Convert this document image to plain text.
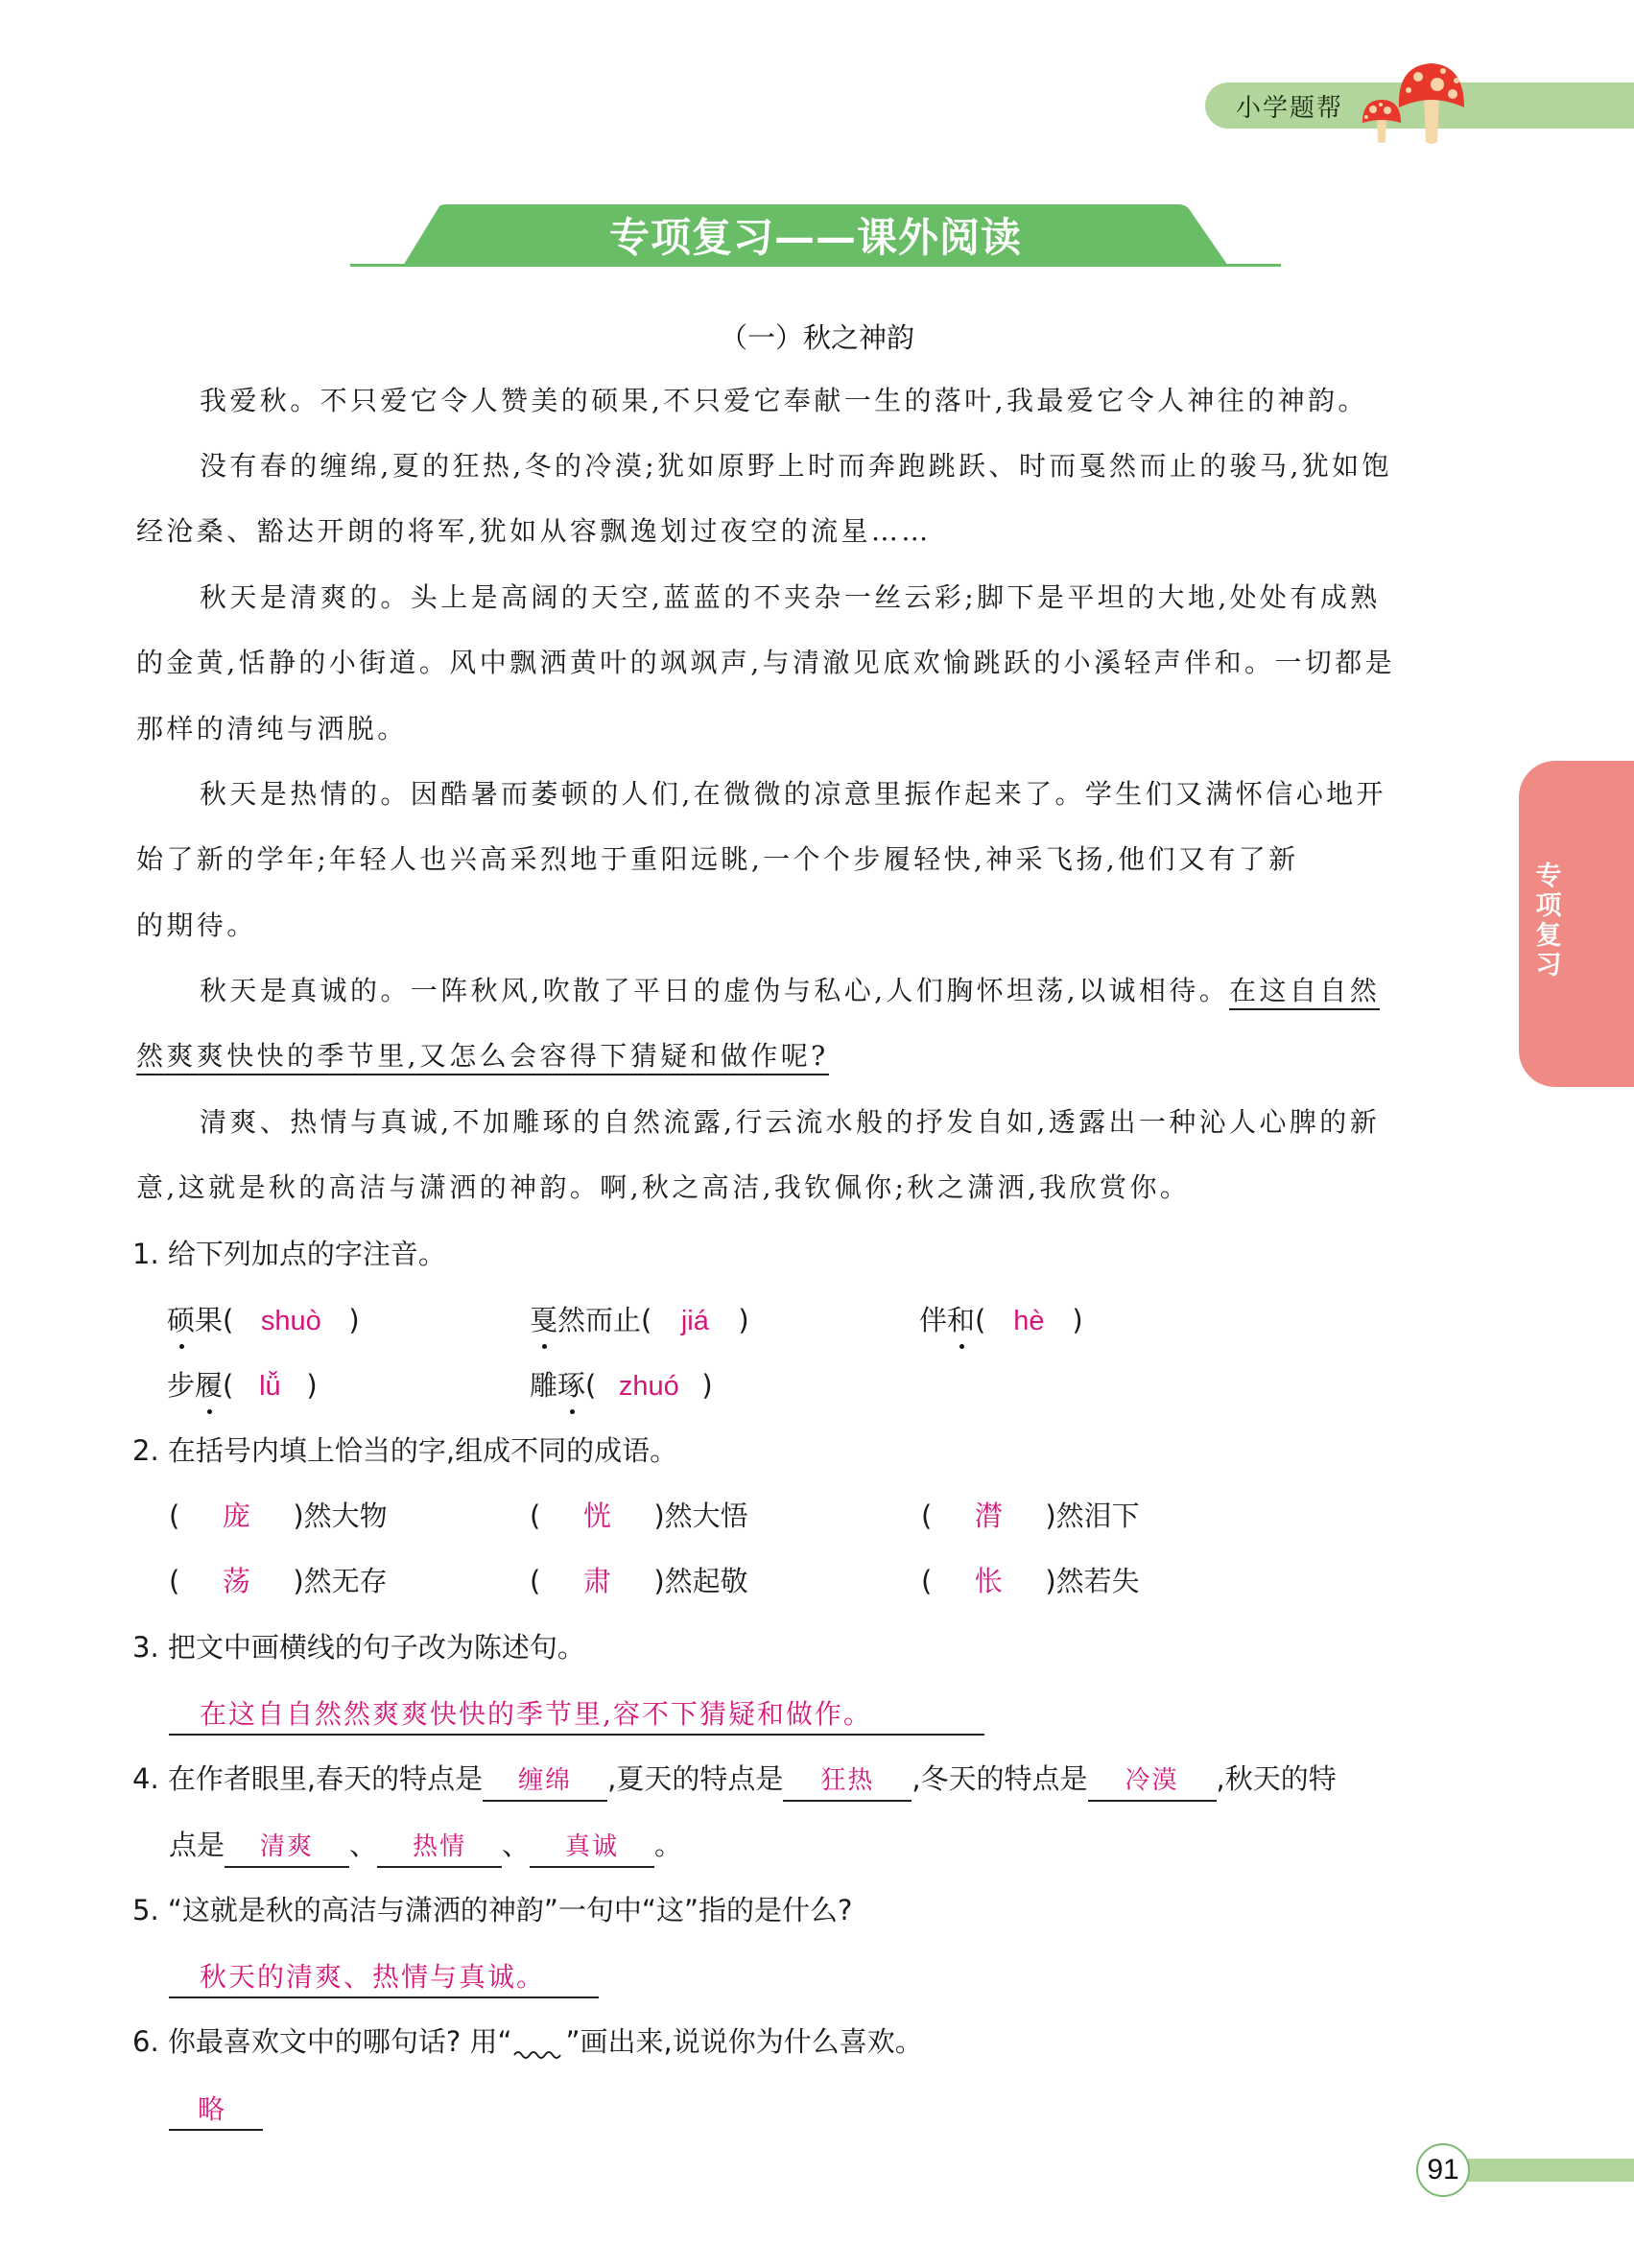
小学题帮
专项复习——课外阅读
（一）秋之神韵
我爱秋。不只爱它令人赞美的硕果,不只爱它奉献一生的落叶,我最爱它令人神往的神韵。
没有春的缠绵,夏的狂热,冬的冷漠;犹如原野上时而奔跑跳跃、时而戛然而止的骏马,犹如饱
经沧桑、豁达开朗的将军,犹如从容飘逸划过夜空的流星……
秋天是清爽的。头上是高阔的天空,蓝蓝的不夹杂一丝云彩;脚下是平坦的大地,处处有成熟
的金黄,恬静的小街道。风中飘洒黄叶的飒飒声,与清澈见底欢愉跳跃的小溪轻声伴和。一切都是
那样的清纯与洒脱。
秋天是热情的。因酷暑而萎顿的人们,在微微的凉意里振作起来了。学生们又满怀信心地开
始了新的学年;年轻人也兴高采烈地于重阳远眺,一个个步履轻快,神采飞扬,他们又有了新
的期待。
秋天是真诚的。一阵秋风,吹散了平日的虚伪与私心,人们胸怀坦荡,以诚相待。在这自自然
然爽爽快快的季节里,又怎么会容得下猜疑和做作呢?
清爽、热情与真诚,不加雕琢的自然流露,行云流水般的抒发自如,透露出一种沁人心脾的新
意,这就是秋的高洁与潇洒的神韵。啊,秋之高洁,我钦佩你;秋之潇洒,我欣赏你。
1. 给下列加点的字注音。
硕果( shuò )	戛然而止( jiá )	伴和( hè )
步履( lǚ )	雕琢( zhuó )
2. 在括号内填上恰当的字,组成不同的成语。
( 庞 )然大物	( 恍 )然大悟	( 潸 )然泪下
( 荡 )然无存	( 肃 )然起敬	( 怅 )然若失
3. 把文中画横线的句子改为陈述句。
在这自自然然爽爽快快的季节里,容不下猜疑和做作。
4. 在作者眼里,春天的特点是 缠绵 ,夏天的特点是 狂热 ,冬天的特点是 冷漠 ,秋天的特
点是 清爽 、 热情 、 真诚 。
5. “这就是秋的高洁与潇洒的神韵”一句中“这”指的是什么?
秋天的清爽、热情与真诚。
6. 你最喜欢文中的哪句话? 用“ ”画出来,说说你为什么喜欢。
略
专项复习
91
